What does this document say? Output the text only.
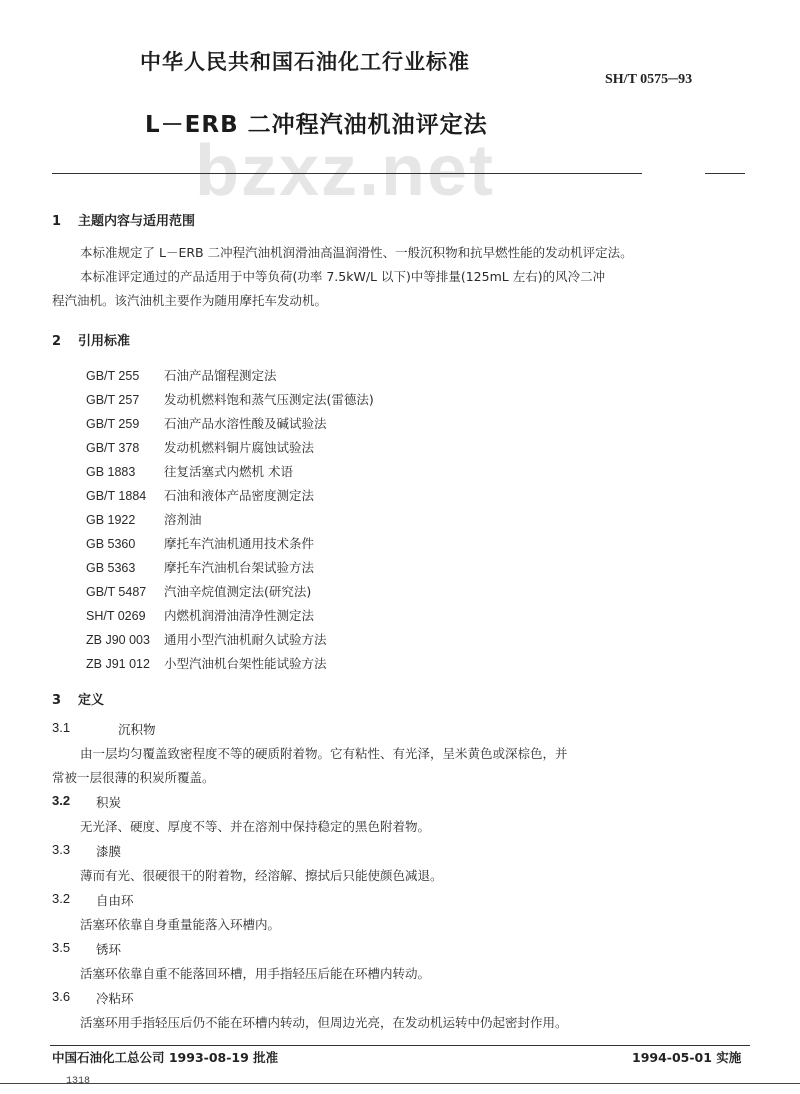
中华人民共和国石油化工行业标准
SH/T 0575─93
L－ERB 二冲程汽油机油评定法
bzxz.net
1 主题内容与适用范围
本标准规定了 L－ERB 二冲程汽油机润滑油高温润滑性、一般沉积物和抗早燃性能的发动机评定法。
本标准评定通过的产品适用于中等负荷(功率 7.5kW/L 以下)中等排量(125mL 左右)的风冷二冲
程汽油机。该汽油机主要作为随用摩托车发动机。
2 引用标准
GB/T 255 石油产品馏程测定法
GB/T 257 发动机燃料饱和蒸气压测定法(雷德法)
GB/T 259 石油产品水溶性酸及碱试验法
GB/T 378 发动机燃料铜片腐蚀试验法
GB 1883 往复活塞式内燃机 术语
GB/T 1884 石油和液体产品密度测定法
GB 1922 溶剂油
GB 5360 摩托车汽油机通用技术条件
GB 5363 摩托车汽油机台架试验方法
GB/T 5487 汽油辛烷值测定法(研究法)
SH/T 0269 内燃机润滑油清净性测定法
ZB J90 003 通用小型汽油机耐久试验方法
ZB J91 012 小型汽油机台架性能试验方法
3 定义
3.1	沉积物
由一层均匀覆盖致密程度不等的硬质附着物。它有粘性、有光泽，呈米黄色或深棕色，并
常被一层很薄的积炭所覆盖。
3.2 积炭
无光泽、硬度、厚度不等、并在溶剂中保持稳定的黑色附着物。
3.3 漆膜
薄而有光、很硬很干的附着物，经溶解、擦拭后只能使颜色减退。
3.2 自由环
活塞环依靠自身重量能落入环槽内。
3.5 锈环
活塞环依靠自重不能落回环槽，用手指轻压后能在环槽内转动。
3.6 冷粘环
活塞环用手指轻压后仍不能在环槽内转动，但周边光亮，在发动机运转中仍起密封作用。
中国石油化工总公司 1993-08-19 批准	1994-05-01 实施
1318
